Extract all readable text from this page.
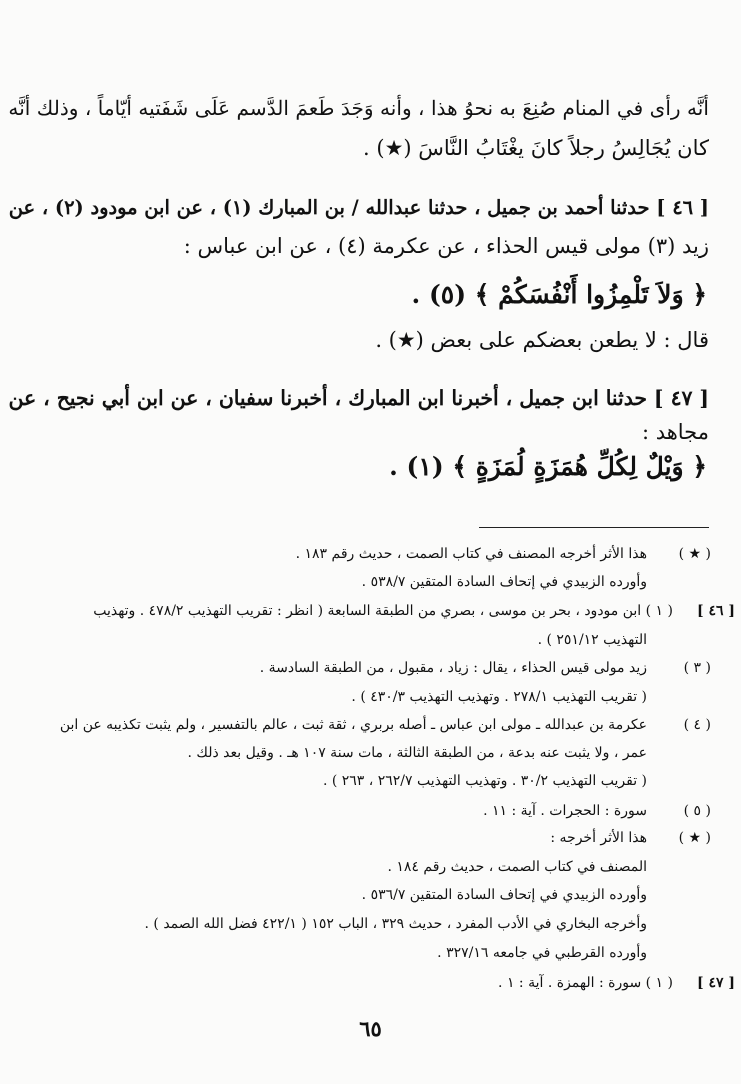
أنَّه رأى في المنام صُنِعَ به نحوُ هذا ، وأنه وَجَدَ طَعمَ الدَّسم عَلَى شَفَتيه أيّاماً ، وذلك أنَّه
كان يُجَالِسُ رجلاً كانَ يغْتَابُ النَّاسَ (★) .
[ ٤٦ ] حدثنا أحمد بن جميل ، حدثنا عبدالله / بن المبارك (١) ، عن ابن مودود (٢) ، عن
زيد (٣) مولى قيس الحذاء ، عن عكرمة (٤) ، عن ابن عباس :
﴿ وَلاَ تَلْمِزُوا أَنْفُسَكُمْ ﴾ (٥) .
قال : لا يطعن بعضكم على بعض (★) .
[ ٤٧ ] حدثنا ابن جميل ، أخبرنا ابن المبارك ، أخبرنا سفيان ، عن ابن أبي نجيح ، عن
مجاهد :
﴿ وَيْلٌ لِكُلِّ هُمَزَةٍ لُمَزَةٍ ﴾ (١) .
( ★ )
هذا الأثر أخرجه المصنف في كتاب الصمت ، حديث رقم ١٨٣ .
وأورده الزبيدي في إتحاف السادة المتقين ٥٣٨/٧ .
[ ٤٦ ]
( ١ ) ابن مودود ، بحر بن موسى ، بصري من الطبقة السابعة ( انظر : تقريب التهذيب ٤٧٨/٢ . وتهذيب
التهذيب ٢٥١/١٢ ) .
( ٣ )
زيد مولى قيس الحذاء ، يقال : زياد ، مقبول ، من الطبقة السادسة .
( تقريب التهذيب ٢٧٨/١ . وتهذيب التهذيب ٤٣٠/٣ ) .
( ٤ )
عكرمة بن عبدالله ـ مولى ابن عباس ـ أصله بربري ، ثقة ثبت ، عالم بالتفسير ، ولم يثبت تكذيبه عن ابن
عمر ، ولا يثبت عنه بدعة ، من الطبقة الثالثة ، مات سنة ١٠٧ هـ . وقيل بعد ذلك .
( تقريب التهذيب ٣٠/٢ . وتهذيب التهذيب ٢٦٢/٧ ، ٢٦٣ ) .
( ٥ )
سورة : الحجرات . آية : ١١ .
( ★ )
هذا الأثر أخرجه :
المصنف في كتاب الصمت ، حديث رقم ١٨٤ .
وأورده الزبيدي في إتحاف السادة المتقين ٥٣٦/٧ .
وأخرجه البخاري في الأدب المفرد ، حديث ٣٢٩ ، الباب ١٥٢ ( ٤٢٢/١ فضل الله الصمد ) .
وأورده القرطبي في جامعه ٣٢٧/١٦ .
[ ٤٧ ]
( ١ ) سورة : الهمزة . آية : ١ .
٦٥
